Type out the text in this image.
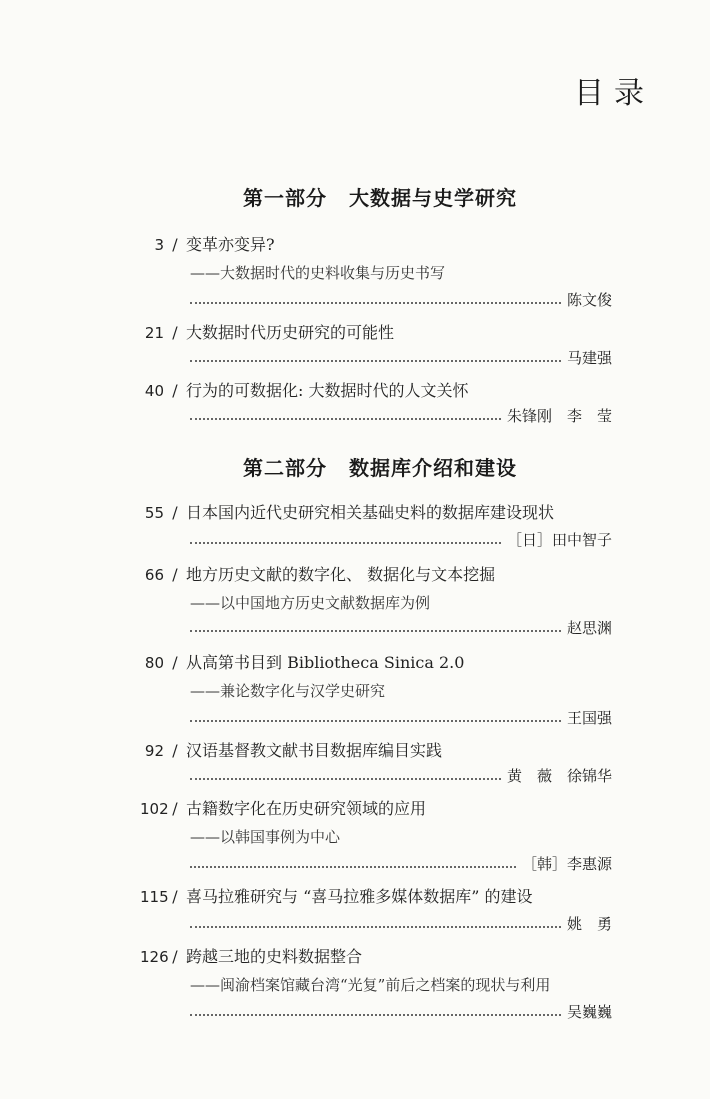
目录
第一部分 大数据与史学研究
3 / 变革亦变异?
——大数据时代的史料收集与历史书写
陈文俊
21 / 大数据时代历史研究的可能性
马建强
40 / 行为的可数据化: 大数据时代的人文关怀
朱锋刚　李　莹
第二部分 数据库介绍和建设
55 / 日本国内近代史研究相关基础史料的数据库建设现状
［日］田中智子
66 / 地方历史文献的数字化、 数据化与文本挖掘
——以中国地方历史文献数据库为例
赵思渊
80 / 从高第书目到 Bibliotheca Sinica 2.0
——兼论数字化与汉学史研究
王国强
92 / 汉语基督教文献书目数据库编目实践
黄　薇　徐锦华
102 / 古籍数字化在历史研究领域的应用
——以韩国事例为中心
［韩］李惠源
115 / 喜马拉雅研究与 “喜马拉雅多媒体数据库” 的建设
姚　勇
126 / 跨越三地的史料数据整合
——闽渝档案馆藏台湾“光复”前后之档案的现状与利用
吴巍巍
